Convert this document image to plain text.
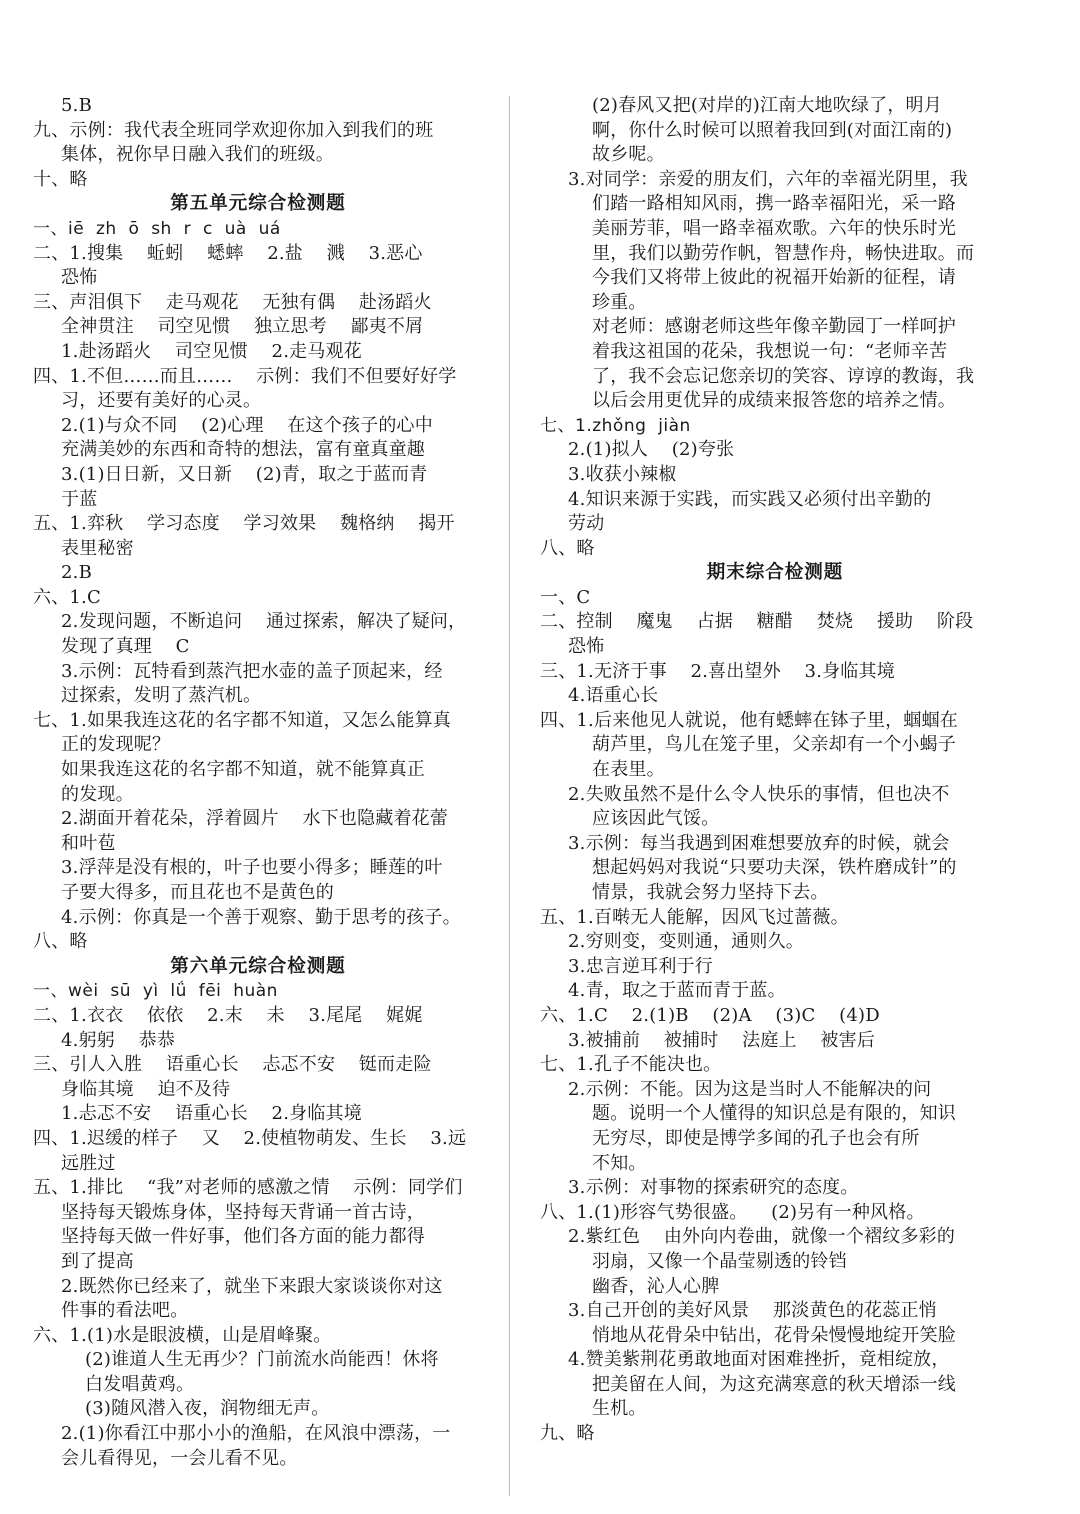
5.B
九、示例：我代表全班同学欢迎你加入到我们的班
集体，祝你早日融入我们的班级。
十、略
第五单元综合检测题
一、iē  zh  ō  sh  r  c  uà  uá
二、1.搜集    蚯蚓    蟋蟀    2.盐    溅    3.恶心
恐怖
三、声泪俱下    走马观花    无独有偶    赴汤蹈火
全神贯注    司空见惯    独立思考    鄙夷不屑
1.赴汤蹈火    司空见惯    2.走马观花
四、1.不但……而且……    示例：我们不但要好好学
习，还要有美好的心灵。
2.(1)与众不同    (2)心理    在这个孩子的心中
充满美妙的东西和奇特的想法，富有童真童趣
3.(1)日日新，又日新    (2)青，取之于蓝而青
于蓝
五、1.弈秋    学习态度    学习效果    魏格纳    揭开
表里秘密
2.B
六、1.C
2.发现问题，不断追问    通过探索，解决了疑问，
发现了真理    C
3.示例：瓦特看到蒸汽把水壶的盖子顶起来，经
过探索，发明了蒸汽机。
七、1.如果我连这花的名字都不知道，又怎么能算真
正的发现呢？
如果我连这花的名字都不知道，就不能算真正
的发现。
2.湖面开着花朵，浮着圆片    水下也隐藏着花蕾
和叶苞
3.浮萍是没有根的，叶子也要小得多；睡莲的叶
子要大得多，而且花也不是黄色的
4.示例：你真是一个善于观察、勤于思考的孩子。
八、略
第六单元综合检测题
一、wèi  sū  yì  lǘ  fēi  huàn
二、1.衣衣    依依    2.末    未    3.尾尾    娓娓
4.躬躬    恭恭
三、引人入胜    语重心长    忐忑不安    铤而走险
身临其境    迫不及待
1.忐忑不安    语重心长    2.身临其境
四、1.迟缓的样子    又    2.使植物萌发、生长    3.远
远胜过
五、1.排比    “我”对老师的感激之情    示例：同学们
坚持每天锻炼身体，坚持每天背诵一首古诗，
坚持每天做一件好事，他们各方面的能力都得
到了提高
2.既然你已经来了，就坐下来跟大家谈谈你对这
件事的看法吧。
六、1.(1)水是眼波横，山是眉峰聚。
(2)谁道人生无再少？门前流水尚能西！休将
白发唱黄鸡。
(3)随风潜入夜，润物细无声。
2.(1)你看江中那小小的渔船，在风浪中漂荡，一
会儿看得见，一会儿看不见。
(2)春风又把(对岸的)江南大地吹绿了，明月
啊，你什么时候可以照着我回到(对面江南的)
故乡呢。
3.对同学：亲爱的朋友们，六年的幸福光阴里，我
们踏一路相知风雨，携一路幸福阳光，采一路
美丽芳菲，唱一路幸福欢歌。六年的快乐时光
里，我们以勤劳作帆，智慧作舟，畅快进取。而
今我们又将带上彼此的祝福开始新的征程，请
珍重。
对老师：感谢老师这些年像辛勤园丁一样呵护
着我这祖国的花朵，我想说一句：“老师辛苦
了，我不会忘记您亲切的笑容、谆谆的教诲，我
以后会用更优异的成绩来报答您的培养之情。
七、1.zhǒng  jiàn
2.(1)拟人    (2)夸张
3.收获小辣椒
4.知识来源于实践，而实践又必须付出辛勤的
劳动
八、略
期末综合检测题
一、C
二、控制    魔鬼    占据    糖醋    焚烧    援助    阶段
恐怖
三、1.无济于事    2.喜出望外    3.身临其境
4.语重心长
四、1.后来他见人就说，他有蟋蟀在钵子里，蝈蝈在
葫芦里，鸟儿在笼子里，父亲却有一个小蝎子
在表里。
2.失败虽然不是什么令人快乐的事情，但也决不
应该因此气馁。
3.示例：每当我遇到困难想要放弃的时候，就会
想起妈妈对我说“只要功夫深，铁杵磨成针”的
情景，我就会努力坚持下去。
五、1.百啭无人能解，因风飞过蔷薇。
2.穷则变，变则通，通则久。
3.忠言逆耳利于行
4.青，取之于蓝而青于蓝。
六、1.C    2.(1)B    (2)A    (3)C    (4)D
3.被捕前    被捕时    法庭上    被害后
七、1.孔子不能决也。
2.示例：不能。因为这是当时人不能解决的问
题。说明一个人懂得的知识总是有限的，知识
无穷尽，即使是博学多闻的孔子也会有所
不知。
3.示例：对事物的探索研究的态度。
八、1.(1)形容气势很盛。    (2)另有一种风格。
2.紫红色    由外向内卷曲，就像一个褶纹多彩的
羽扇，又像一个晶莹剔透的铃铛
幽香，沁人心脾
3.自己开创的美好风景    那淡黄色的花蕊正悄
悄地从花骨朵中钻出，花骨朵慢慢地绽开笑脸
4.赞美紫荆花勇敢地面对困难挫折，竟相绽放，
把美留在人间，为这充满寒意的秋天增添一线
生机。
九、略
